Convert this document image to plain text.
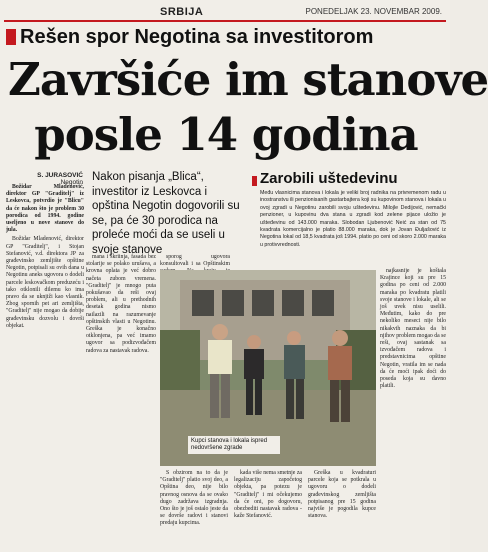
SRBIJA	PONEDELJAK 23. NOVEMBAR 2009.
Rešen spor Negotina sa investitorom
Završiće im stanove
posle 14 godina
S. JURASOVIĆ
Negotin Nakon pisanja „Blica“, investitor iz Leskovca i opština Negotin dogovorili su se, pa će 30 porodica na proleće moći da se useli u svoje stanove
Zarobili uštedevinu
Među vlasnicima stanova i lokala je veliki broj radnika na privremenom radu u inostranstvu ili penzionisanih gastarbajtera koji su kupovinom stanova i lokala u ovoj zgradi u Negotinu zarobili svoju uštedevinu. Milojle Dedijović, nemački penzioner, u kupovinu dva stana u zgradi kod zelene pijace uložio je ušteđevinu od 143.000 maraka. Slobodan Ljubenović Neić za stan od 75 kvadrata komercijalno je platio 88.000 maraka, dok je Jovan Đuljašović iz Negotina lokal od 18,5 kvadrata još 1994. platio po ceni od skoro 2.000 maraka u protivvrednosti.

Božidar Mladenović, direktor GP "Graditelj" iz Leskovca, potvrdio je "Blicu" da će nakon što je problem 30 porodica od 1994. godine useljeno u nove stanove do jula.

Božidar Mladenović, direktor GP "Graditelj", i Stojan Stefanović, v.d. direktora JP za građevinsko zemljište opštine Negotin, potpisali su ovih dana u Negotinu aneks ugovora o dodeli parcele leskovačkom preduzeću i tako otklonili dilemu ko ima pravo da se uknjiži kao vlasnik. Zbog spornih pet ari zemljišta, "Graditelj" nije mogao da dobije građevinsku dozvolu i dovrši objekat.

mana i škriinja, fasada bez stolarije se polako urušava, a krovna oplata je već dobro načeta zubom vremena. "Graditelj" je mnogo puta pokušavao da reši ovaj problem, ali u prethodnih desetak godina nismo nailazili na razumevanje opštinskih vlasti u Negotinu. Greška je konačno otklonjena, pa već imamo ugovor sa podizvođačem radova za nastavak radova.

sporog ugovora konsultovali i sa Opštinskim

Kupci stanova i lokala ispred nedovršene zgrade

S obzirom na to da je "Graditelj" platio svoj deo, a Opština deo, nije bilo pravnog osnova da se ovako dugo zadržava izgradnja. Ono što je još ostalo jeste da se dovrše radovi i stanovi predaju kupcima.

kada više nema smetnje za legalizaciju započetog objekta, pa potezu je "Graditelj" i mi očekujemo da će oni, po dogovoru, obezbediti nastavak radova - kaže Stefanović.

Greška u kvadraturi parcele koja se potkrala u ugovoru o dodeli građevinskog zemljišta potpisanog pre 15 godina najviše je pogodila kupce stanova.

najkasnije je koštala Krajince koji su pre 15 godina po ceni od 2.000 maraka po kvadratu platili svoje stanove i lokale, ali se još uvek nisu uselili. Međutim, kako do pre nekoliko meseci nije bilo nikakvih naznaka da bi njihov problem mogao da se reši, ovaj sastanak sa izvođačem radova i predstavnicima opštine Negotin, vratila im se nada da će moći ipak doći do poseda koja su davno platili.
